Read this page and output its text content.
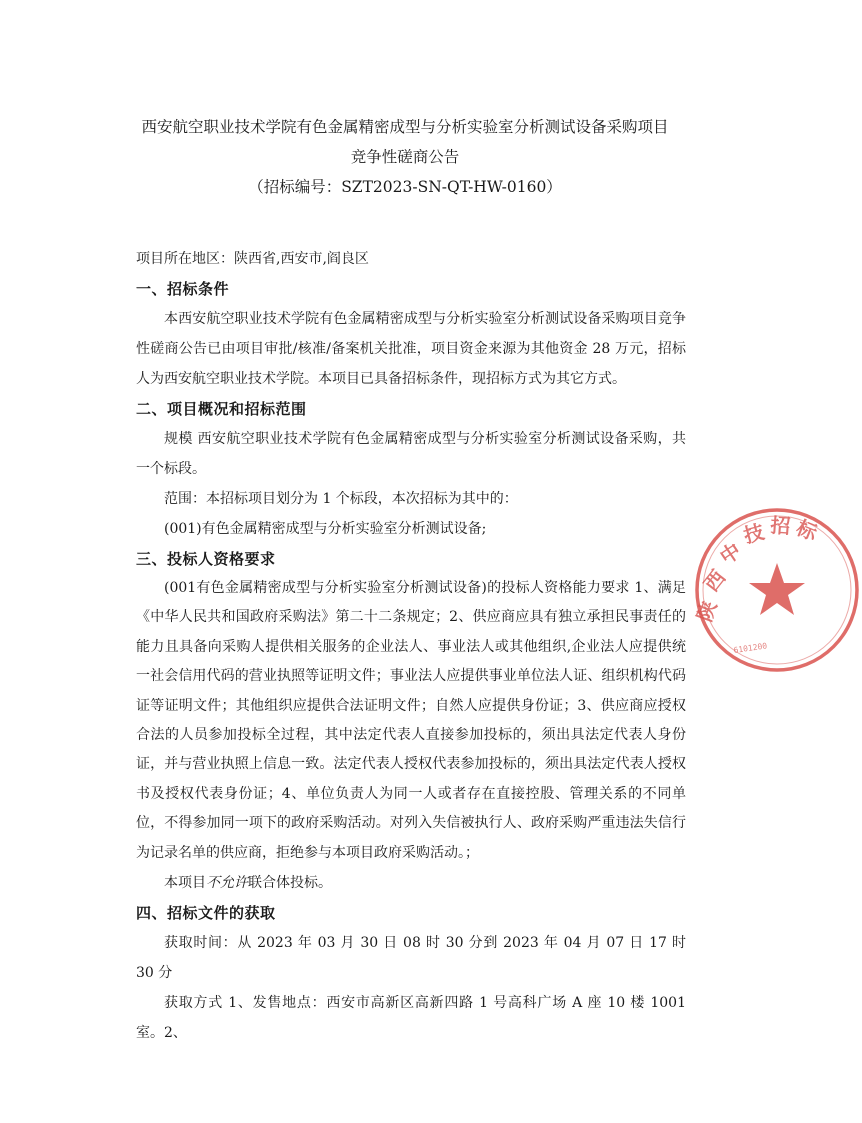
西安航空职业技术学院有色金属精密成型与分析实验室分析测试设备采购项目
竞争性磋商公告
（招标编号：SZT2023-SN-QT-HW-0160）
项目所在地区：陕西省,西安市,阎良区
一、招标条件

本西安航空职业技术学院有色金属精密成型与分析实验室分析测试设备采购项目竞争性磋商公告已由项目审批/核准/备案机关批准，项目资金来源为其他资金 28 万元，招标人为西安航空职业技术学院。本项目已具备招标条件，现招标方式为其它方式。

二、项目概况和招标范围

规模 西安航空职业技术学院有色金属精密成型与分析实验室分析测试设备采购，共一个标段。

范围：本招标项目划分为 1 个标段，本次招标为其中的：

(001)有色金属精密成型与分析实验室分析测试设备;

三、投标人资格要求

(001有色金属精密成型与分析实验室分析测试设备)的投标人资格能力要求 1、满足《中华人民共和国政府采购法》第二十二条规定；2、供应商应具有独立承担民事责任的能力且具备向采购人提供相关服务的企业法人、事业法人或其他组织,企业法人应提供统一社会信用代码的营业执照等证明文件；事业法人应提供事业单位法人证、组织机构代码证等证明文件；其他组织应提供合法证明文件；自然人应提供身份证；3、供应商应授权合法的人员参加投标全过程，其中法定代表人直接参加投标的，须出具法定代表人身份证，并与营业执照上信息一致。法定代表人授权代表参加投标的，须出具法定代表人授权书及授权代表身份证；4、单位负责人为同一人或者存在直接控股、管理关系的不同单位，不得参加同一项下的政府采购活动。对列入失信被执行人、政府采购严重违法失信行为记录名单的供应商，拒绝参与本项目政府采购活动。；

本项目不允许联合体投标。

四、招标文件的获取

获取时间：从 2023 年 03 月 30 日 08 时 30 分到 2023 年 04 月 07 日 17 时 30 分

获取方式 1、发售地点：西安市高新区高新四路 1 号高科广场 A 座 10 楼 1001 室。2、

陕
西
中
技 招 标
6101200
